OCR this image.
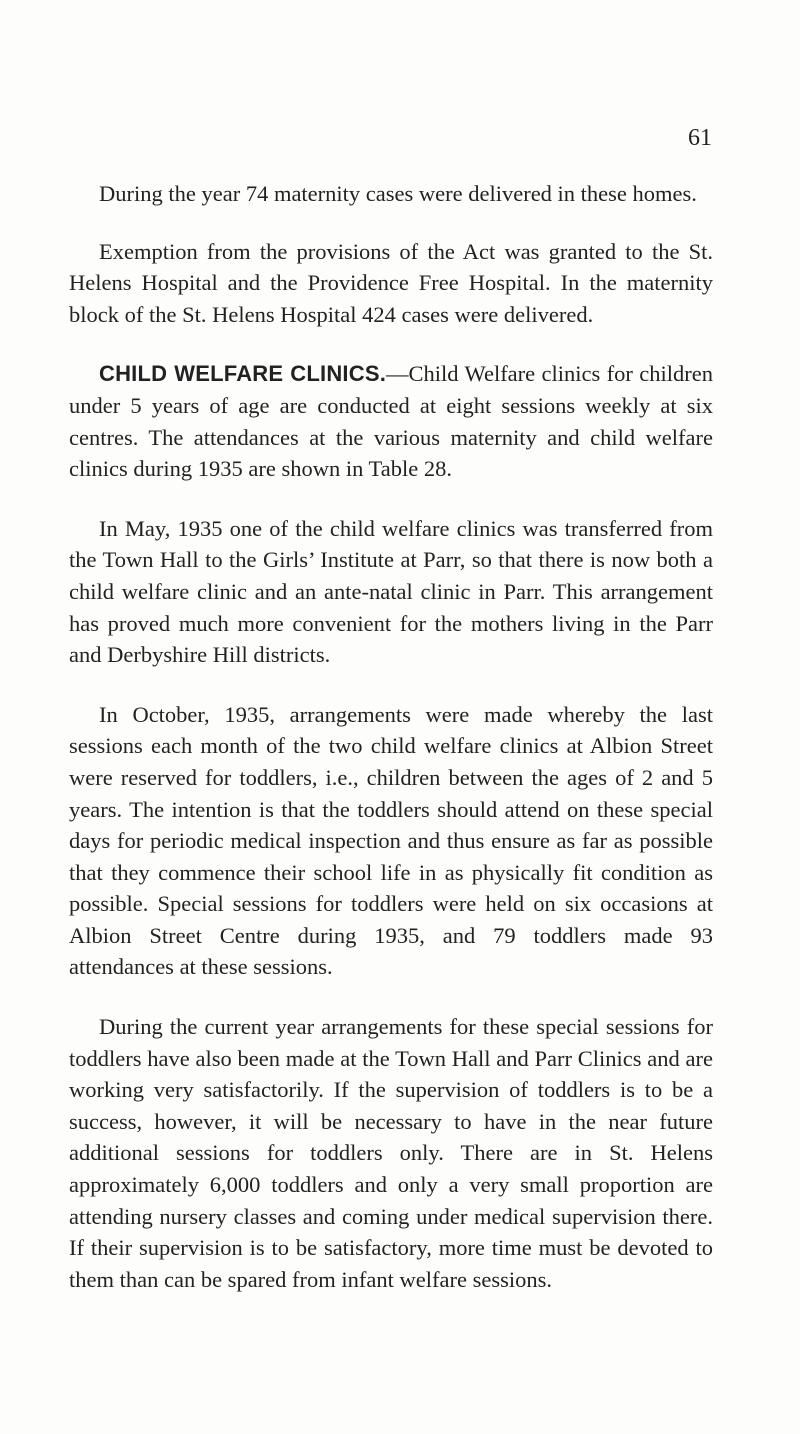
61

During the year 74 maternity cases were delivered in these homes.

Exemption from the provisions of the Act was granted to the St. Helens Hospital and the Providence Free Hospital. In the maternity block of the St. Helens Hospital 424 cases were delivered.

CHILD WELFARE CLINICS.—Child Welfare clinics for children under 5 years of age are conducted at eight sessions weekly at six centres. The attendances at the various maternity and child welfare clinics during 1935 are shown in Table 28.

In May, 1935 one of the child welfare clinics was transferred from the Town Hall to the Girls’ Institute at Parr, so that there is now both a child welfare clinic and an ante-natal clinic in Parr. This arrangement has proved much more convenient for the mothers living in the Parr and Derbyshire Hill districts.

In October, 1935, arrangements were made whereby the last sessions each month of the two child welfare clinics at Albion Street were reserved for toddlers, i.e., children between the ages of 2 and 5 years. The intention is that the toddlers should attend on these special days for periodic medical inspection and thus ensure as far as possible that they commence their school life in as physically fit condition as possible. Special sessions for toddlers were held on six occasions at Albion Street Centre during 1935, and 79 toddlers made 93 attendances at these sessions.

During the current year arrangements for these special sessions for toddlers have also been made at the Town Hall and Parr Clinics and are working very satisfactorily. If the supervision of toddlers is to be a success, however, it will be necessary to have in the near future additional sessions for toddlers only. There are in St. Helens approximately 6,000 toddlers and only a very small proportion are attending nursery classes and coming under medical supervision there. If their supervision is to be satisfactory, more time must be devoted to them than can be spared from infant welfare sessions.
